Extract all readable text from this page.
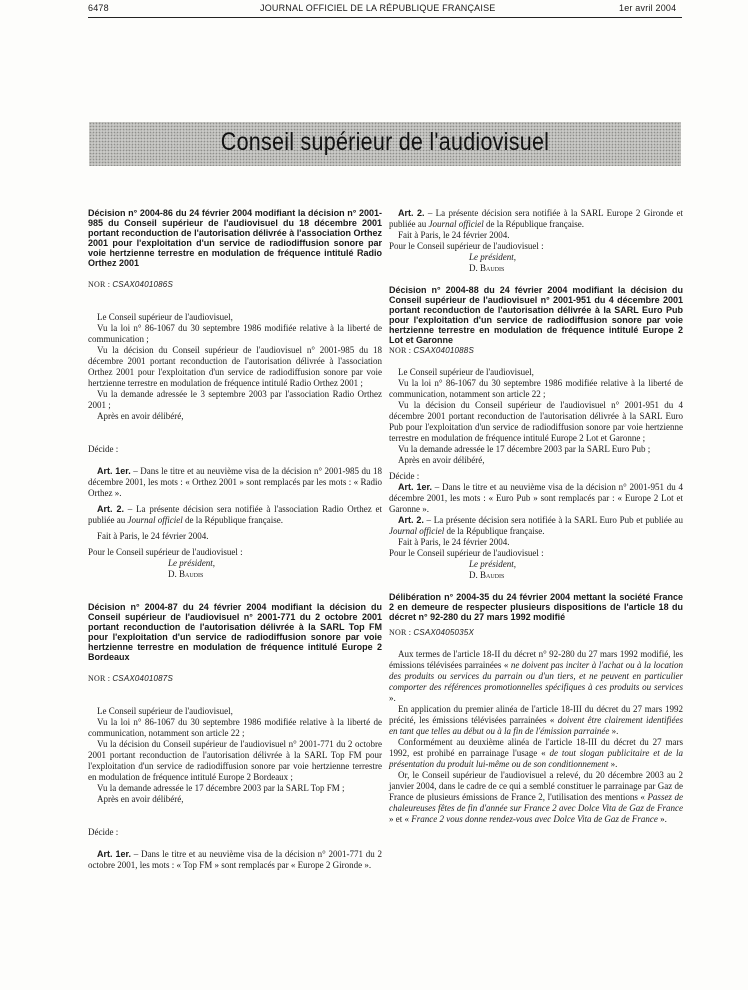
6478	JOURNAL OFFICIEL DE LA RÉPUBLIQUE FRANÇAISE	1er avril 2004
Conseil supérieur de l'audiovisuel

Décision n° 2004-86 du 24 février 2004 modifiant la décision n° 2001-985 du Conseil supérieur de l'audiovisuel du 18 décembre 2001 portant reconduction de l'autorisation délivrée à l'association Orthez 2001 pour l'exploitation d'un service de radiodiffusion sonore par voie hertzienne terrestre en modulation de fréquence intitulé Radio Orthez 2001

NOR : CSAX0401086S

Le Conseil supérieur de l'audiovisuel,

Vu la loi n° 86-1067 du 30 septembre 1986 modifiée relative à la liberté de communication ;

Vu la décision du Conseil supérieur de l'audiovisuel n° 2001-985 du 18 décembre 2001 portant reconduction de l'autorisation délivrée à l'association Orthez 2001 pour l'exploitation d'un service de radiodiffusion sonore par voie hertzienne terrestre en modulation de fréquence intitulé Radio Orthez 2001 ;

Vu la demande adressée le 3 septembre 2003 par l'association Radio Orthez 2001 ;

Après en avoir délibéré,

Décide :

Art. 1er. – Dans le titre et au neuvième visa de la décision n° 2001-985 du 18 décembre 2001, les mots : « Orthez 2001 » sont remplacés par les mots : « Radio Orthez ».

Art. 2. – La présente décision sera notifiée à l'association Radio Orthez et publiée au Journal officiel de la République française.

Fait à Paris, le 24 février 2004.

Pour le Conseil supérieur de l'audiovisuel :

Le président,

D. Baudis

Décision n° 2004-87 du 24 février 2004 modifiant la décision du Conseil supérieur de l'audiovisuel n° 2001-771 du 2 octobre 2001 portant reconduction de l'autorisation délivrée à la SARL Top FM pour l'exploitation d'un service de radiodiffusion sonore par voie hertzienne terrestre en modulation de fréquence intitulé Europe 2 Bordeaux

NOR : CSAX0401087S

Le Conseil supérieur de l'audiovisuel,

Vu la loi n° 86-1067 du 30 septembre 1986 modifiée relative à la liberté de communication, notamment son article 22 ;

Vu la décision du Conseil supérieur de l'audiovisuel n° 2001-771 du 2 octobre 2001 portant reconduction de l'autorisation délivrée à la SARL Top FM pour l'exploitation d'un service de radiodiffusion sonore par voie hertzienne terrestre en modulation de fréquence intitulé Europe 2 Bordeaux ;

Vu la demande adressée le 17 décembre 2003 par la SARL Top FM ;

Après en avoir délibéré,

Décide :

Art. 1er. – Dans le titre et au neuvième visa de la décision n° 2001-771 du 2 octobre 2001, les mots : « Top FM » sont remplacés par « Europe 2 Gironde ».

Art. 2. – La présente décision sera notifiée à la SARL Europe 2 Gironde et publiée au Journal officiel de la République française.

Fait à Paris, le 24 février 2004.

Pour le Conseil supérieur de l'audiovisuel :

Le président,

D. Baudis

Décision n° 2004-88 du 24 février 2004 modifiant la décision du Conseil supérieur de l'audiovisuel n° 2001-951 du 4 décembre 2001 portant reconduction de l'autorisation délivrée à la SARL Euro Pub pour l'exploitation d'un service de radiodiffusion sonore par voie hertzienne terrestre en modulation de fréquence intitulé Europe 2 Lot et Garonne

NOR : CSAX0401088S

Le Conseil supérieur de l'audiovisuel,

Vu la loi n° 86-1067 du 30 septembre 1986 modifiée relative à la liberté de communication, notamment son article 22 ;

Vu la décision du Conseil supérieur de l'audiovisuel n° 2001-951 du 4 décembre 2001 portant reconduction de l'autorisation délivrée à la SARL Euro Pub pour l'exploitation d'un service de radiodiffusion sonore par voie hertzienne terrestre en modulation de fréquence intitulé Europe 2 Lot et Garonne ;

Vu la demande adressée le 17 décembre 2003 par la SARL Euro Pub ;

Après en avoir délibéré,

Décide :

Art. 1er. – Dans le titre et au neuvième visa de la décision n° 2001-951 du 4 décembre 2001, les mots : « Euro Pub » sont remplacés par : « Europe 2 Lot et Garonne ».

Art. 2. – La présente décision sera notifiée à la SARL Euro Pub et publiée au Journal officiel de la République française.

Fait à Paris, le 24 février 2004.

Pour le Conseil supérieur de l'audiovisuel :

Le président,

D. Baudis

Délibération n° 2004-35 du 24 février 2004 mettant la société France 2 en demeure de respecter plusieurs dispositions de l'article 18 du décret n° 92-280 du 27 mars 1992 modifié

NOR : CSAX0405035X

Aux termes de l'article 18-II du décret n° 92-280 du 27 mars 1992 modifié, les émissions télévisées parrainées « ne doivent pas inciter à l'achat ou à la location des produits ou services du parrain ou d'un tiers, et ne peuvent en particulier comporter des références promotionnelles spécifiques à ces produits ou services ».

En application du premier alinéa de l'article 18-III du décret du 27 mars 1992 précité, les émissions télévisées parrainées « doivent être clairement identifiées en tant que telles au début ou à la fin de l'émission parrainée ».

Conformément au deuxième alinéa de l'article 18-III du décret du 27 mars 1992, est prohibé en parrainage l'usage « de tout slogan publicitaire et de la présentation du produit lui-même ou de son conditionnement ».

Or, le Conseil supérieur de l'audiovisuel a relevé, du 20 décembre 2003 au 2 janvier 2004, dans le cadre de ce qui a semblé constituer le parrainage par Gaz de France de plusieurs émissions de France 2, l'utilisation des mentions « Passez de chaleureuses fêtes de fin d'année sur France 2 avec Dolce Vita de Gaz de France » et « France 2 vous donne rendez-vous avec Dolce Vita de Gaz de France ».
